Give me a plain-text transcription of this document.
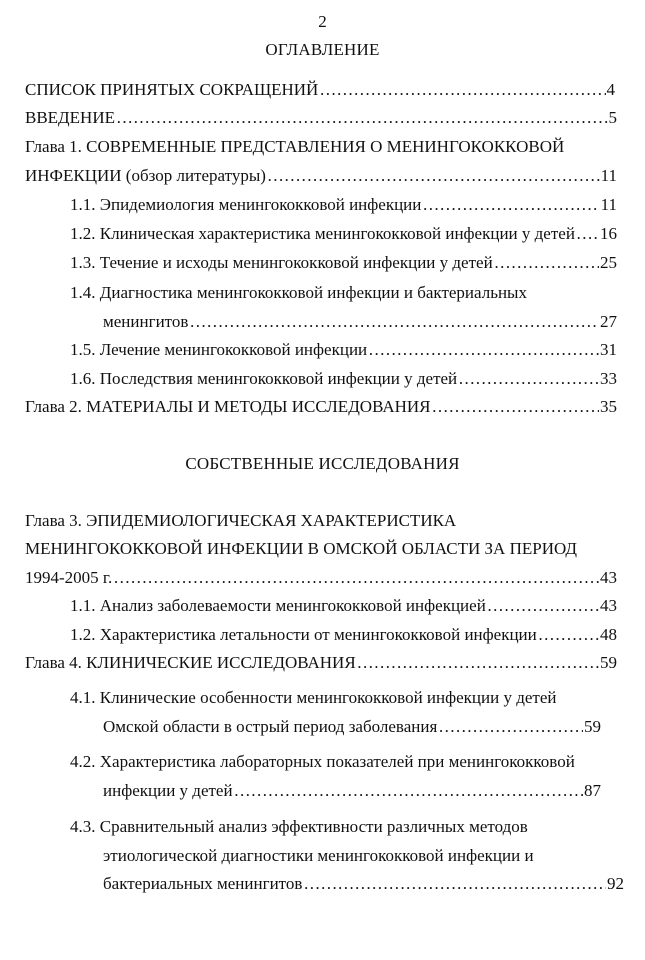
2
ОГЛАВЛЕНИЕ
СПИСОК ПРИНЯТЫХ СОКРАЩЕНИЙ ……………………………………………………………………………………………………………………………………………………………………	4
ВВЕДЕНИЕ ……………………………………………………………………………………………………………………………………………………………………	5
Глава 1. СОВРЕМЕННЫЕ ПРЕДСТАВЛЕНИЯ О МЕНИНГОКОККОВОЙ
ИНФЕКЦИИ (обзор литературы) ……………………………………………………………………………………………………………………………………………………………………	11
1.1. Эпидемиология менингококковой инфекции ……………………………………………………………………………………………………………………………………………………………………	11
1.2. Клиническая характеристика менингококковой инфекции у детей …………………………………………………………………………………………………………………………………………………………………… 16
1.3. Течение и исходы менингококковой инфекции у детей ……………………………………………………………………………………………………………………………………………………………………	25
1.4. Диагностика менингококковой инфекции и бактериальных
менингитов ……………………………………………………………………………………………………………………………………………………………………	27
1.5. Лечение менингококковой инфекции ……………………………………………………………………………………………………………………………………………………………………	31
1.6. Последствия менингококковой инфекции у детей ……………………………………………………………………………………………………………………………………………………………………	33
Глава 2. МАТЕРИАЛЫ И МЕТОДЫ ИССЛЕДОВАНИЯ ……………………………………………………………………………………………………………………………………………………………………	35
СОБСТВЕННЫЕ ИССЛЕДОВАНИЯ
Глава 3. ЭПИДЕМИОЛОГИЧЕСКАЯ ХАРАКТЕРИСТИКА
МЕНИНГОКОККОВОЙ ИНФЕКЦИИ В ОМСКОЙ ОБЛАСТИ ЗА ПЕРИОД
1994-2005 г. ……………………………………………………………………………………………………………………………………………………………………	43
1.1. Анализ заболеваемости менингококковой инфекцией ……………………………………………………………………………………………………………………………………………………………………	43
1.2. Характеристика летальности от менингококковой инфекции ……………………………………………………………………………………………………………………………………………………………………	48
Глава 4. КЛИНИЧЕСКИЕ ИССЛЕДОВАНИЯ ……………………………………………………………………………………………………………………………………………………………………	59
4.1. Клинические особенности менингококковой инфекции у детей
Омской области в острый период заболевания ……………………………………………………………………………………………………………………………………………………………………	59
4.2. Характеристика лабораторных показателей при менингококковой
инфекции у детей ……………………………………………………………………………………………………………………………………………………………………	87
4.3. Сравнительный анализ эффективности различных методов
этиологической диагностики менингококковой инфекции и
бактериальных менингитов ……………………………………………………………………………………………………………………………………………………………………	92
